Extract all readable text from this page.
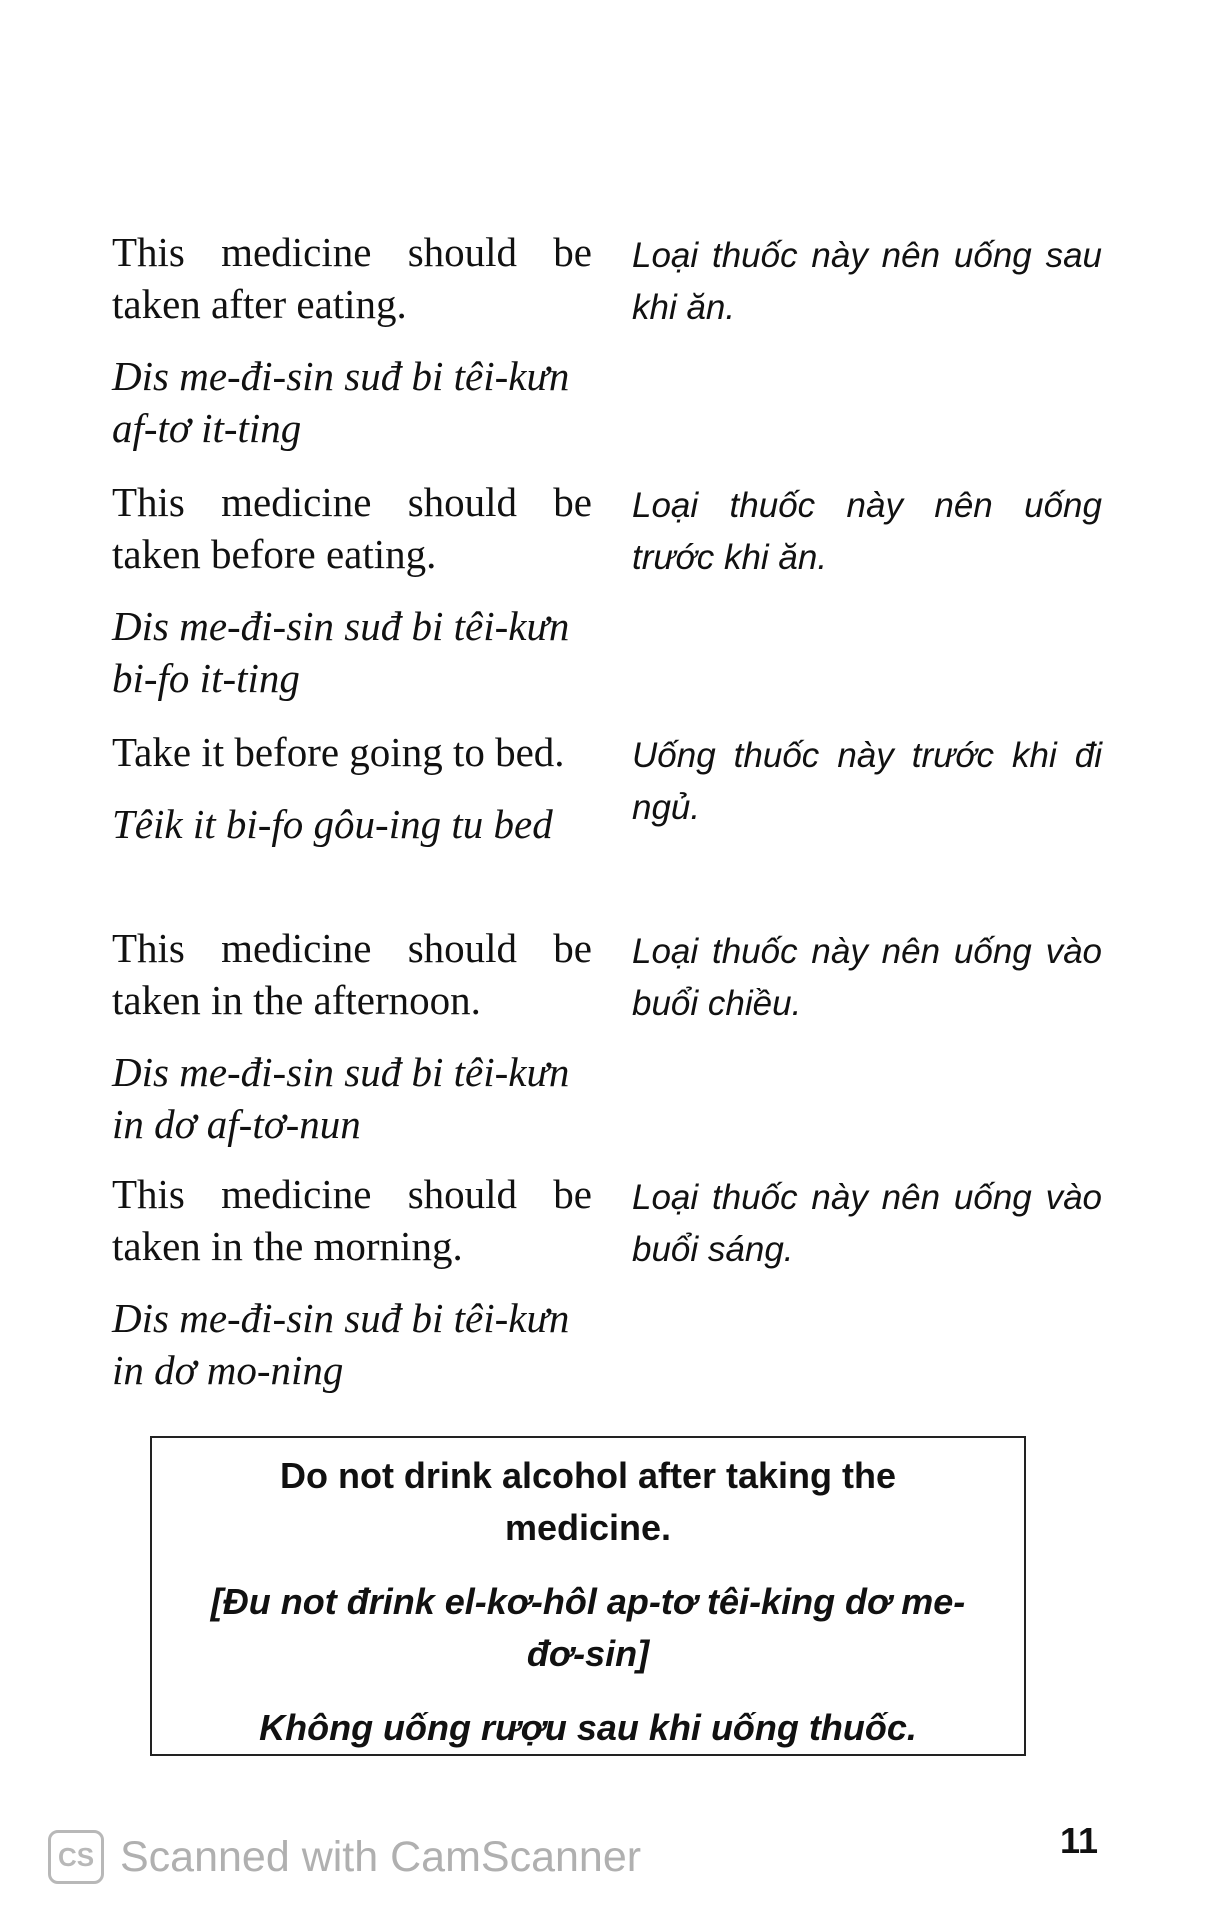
This medicine should be taken after eating.
Dis me-đi-sin suđ bi têi-kưn af-tơ it-ting
Loại thuốc này nên uống sau khi ăn.
This medicine should be taken before eating.
Dis me-đi-sin suđ bi têi-kưn bi-fo it-ting
Loại thuốc này nên uống trước khi ăn.
Take it before going to bed.
Têik it bi-fo gôu-ing tu bed
Uống thuốc này trước khi đi ngủ.
This medicine should be taken in the afternoon.
Dis me-đi-sin suđ bi têi-kưn in dơ af-tơ-nun
Loại thuốc này nên uống vào buổi chiều.
This medicine should be taken in the morning.
Dis me-đi-sin suđ bi têi-kưn in dơ mo-ning
Loại thuốc này nên uống vào buổi sáng.

Do not drink alcohol after taking the medicine.

[Đu not đrink el-kơ-hôl ap-tơ têi-king dơ me-đơ-sin]

Không uống rượu sau khi uống thuốc.

CS Scanned with CamScanner	11
